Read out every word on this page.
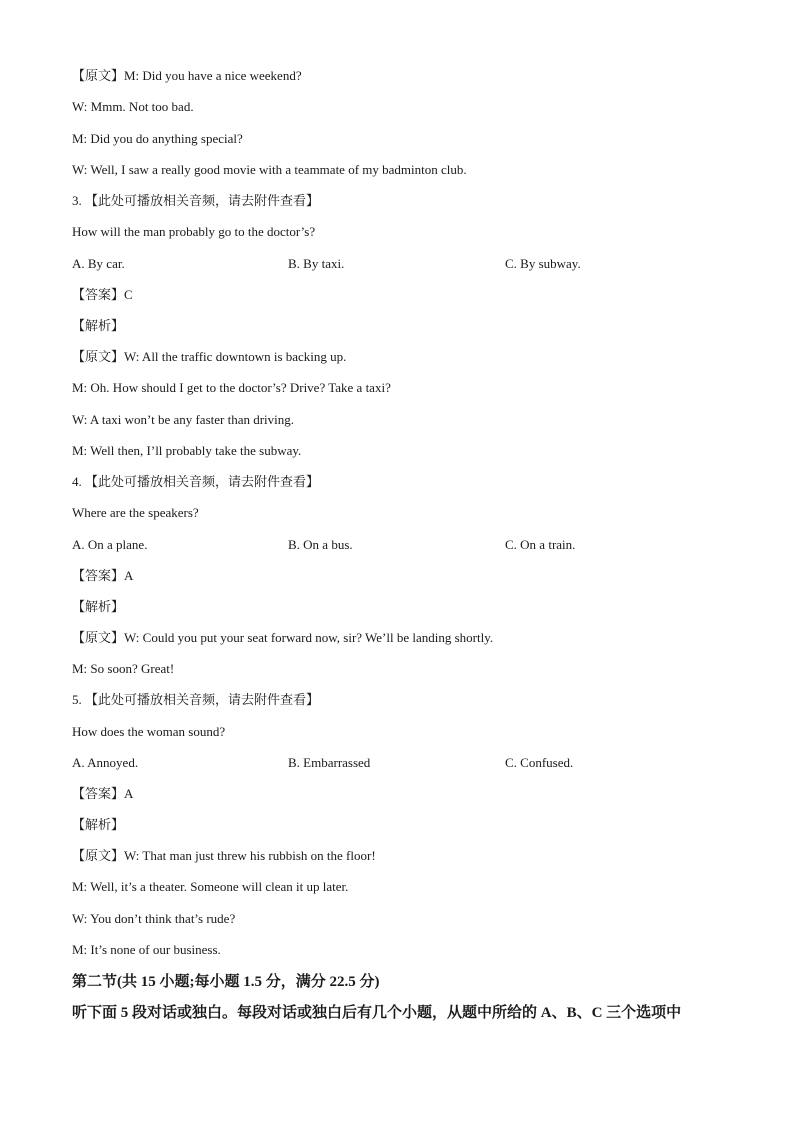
【原文】M: Did you have a nice weekend?
W: Mmm. Not too bad.
M: Did you do anything special?
W: Well, I saw a really good movie with a teammate of my badminton club.
3. 【此处可播放相关音频，请去附件查看】
How will the man probably go to the doctor’s?
A. By car.	B. By taxi.	C. By subway.
【答案】C
【解析】
【原文】W: All the traffic downtown is backing up.
M: Oh. How should I get to the doctor’s? Drive? Take a taxi?
W: A taxi won’t be any faster than driving.
M: Well then, I’ll probably take the subway.
4. 【此处可播放相关音频，请去附件查看】
Where are the speakers?
A. On a plane.	B. On a bus.	C. On a train.
【答案】A
【解析】
【原文】W: Could you put your seat forward now, sir? We’ll be landing shortly.
M: So soon? Great!
5. 【此处可播放相关音频，请去附件查看】
How does the woman sound?
A. Annoyed.	B. Embarrassed	C. Confused.
【答案】A
【解析】
【原文】W: That man just threw his rubbish on the floor!
M: Well, it’s a theater. Someone will clean it up later.
W: You don’t think that’s rude?
M: It’s none of our business.
第二节(共 15 小题;每小题 1.5 分，满分 22.5 分)
听下面 5 段对话或独白。每段对话或独白后有几个小题，从题中所给的 A、B、C 三个选项中
